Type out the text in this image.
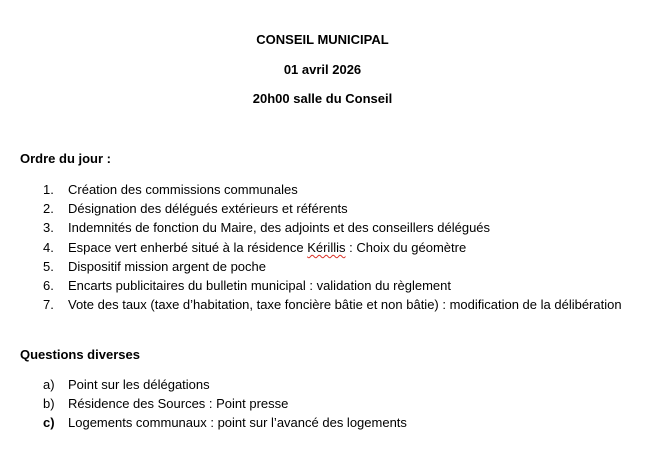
CONSEIL MUNICIPAL
01 avril 2026
20h00 salle du Conseil
Ordre du jour :
1. Création des commissions communales
2. Désignation des délégués extérieurs et référents
3. Indemnités de fonction du Maire, des adjoints et des conseillers délégués
4. Espace vert enherbé situé à la résidence Kérillis : Choix du géomètre
5. Dispositif mission argent de poche
6. Encarts publicitaires du bulletin municipal : validation du règlement
7. Vote des taux (taxe d’habitation, taxe foncière bâtie et non bâtie) : modification de la délibération
Questions diverses
a) Point sur les délégations
b) Résidence des Sources : Point presse
c) Logements communaux : point sur l’avancé des logements
